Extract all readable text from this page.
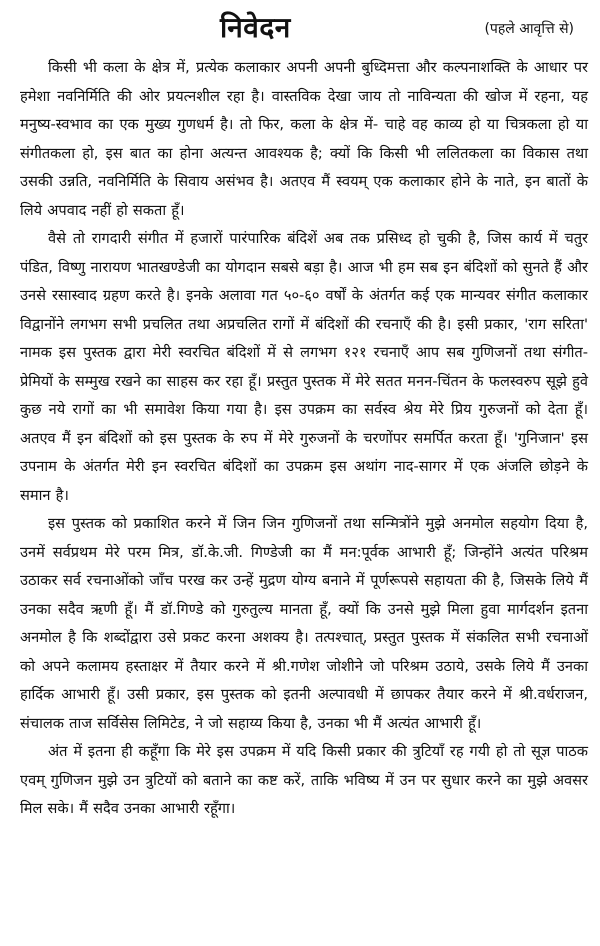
निवेदन	(पहले आवृत्ति से)

किसी भी कला के क्षेत्र में, प्रत्येक कलाकार अपनी अपनी बुध्दिमत्ता और कल्पनाशक्ति के आधार पर हमेशा नवनिर्मिति की ओर प्रयत्नशील रहा है। वास्तविक देखा जाय तो नाविन्यता की खोज में रहना, यह मनुष्य-स्वभाव का एक मुख्य गुणधर्म है। तो फिर, कला के क्षेत्र में- चाहे वह काव्य हो या चित्रकला हो या संगीतकला हो, इस बात का होना अत्यन्त आवश्यक है; क्यों कि किसी भी ललितकला का विकास तथा उसकी उन्नति, नवनिर्मिति के सिवाय असंभव है। अतएव मैं स्वयम् एक कलाकार होने के नाते, इन बातों के लिये अपवाद नहीं हो सकता हूँ।

वैसे तो रागदारी संगीत में हजारों पारंपारिक बंदिशें अब तक प्रसिध्द हो चुकी है, जिस कार्य में चतुर पंडित, विष्णु नारायण भातखण्डेजी का योगदान सबसे बड़ा है। आज भी हम सब इन बंदिशों को सुनते हैं और उनसे रसास्वाद ग्रहण करते है। इनके अलावा गत ५०-६० वर्षों के अंतर्गत कई एक मान्यवर संगीत कलाकार विद्वानोंने लगभग सभी प्रचलित तथा अप्रचलित रागों में बंदिशों की रचनाएँ की है। इसी प्रकार, 'राग सरिता' नामक इस पुस्तक द्वारा मेरी स्वरचित बंदिशों में से लगभग १२१ रचनाएँ आप सब गुणिजनों तथा संगीत-प्रेमियों के सम्मुख रखने का साहस कर रहा हूँ। प्रस्तुत पुस्तक में मेरे सतत मनन-चिंतन के फलस्वरुप सूझे हुवे कुछ नये रागों का भी समावेश किया गया है। इस उपक्रम का सर्वस्व श्रेय मेरे प्रिय गुरुजनों को देता हूँ। अतएव मैं इन बंदिशों को इस पुस्तक के रुप में मेरे गुरुजनों के चरणोंपर समर्पित करता हूँ। 'गुनिजान' इस उपनाम के अंतर्गत मेरी इन स्वरचित बंदिशों का उपक्रम इस अथांग नाद-सागर में एक अंजलि छोड़ने के समान है।

इस पुस्तक को प्रकाशित करने में जिन जिन गुणिजनों तथा सन्मित्रोंने मुझे अनमोल सहयोग दिया है, उनमें सर्वप्रथम मेरे परम मित्र, डॉ.के.जी. गिण्डेजी का मैं मन:पूर्वक आभारी हूँ; जिन्होंने अत्यंत परिश्रम उठाकर सर्व रचनाओंको जाँच परख कर उन्हें मुद्रण योग्य बनाने में पूर्णरूपसे सहायता की है, जिसके लिये मैं उनका सदैव ऋणी हूँ। मैं डॉ.गिण्डे को गुरुतुल्य मानता हूँ, क्यों कि उनसे मुझे मिला हुवा मार्गदर्शन इतना अनमोल है कि शब्दोंद्वारा उसे प्रकट करना अशक्य है। तत्पश्चात्, प्रस्तुत पुस्तक में संकलित सभी रचनाओं को अपने कलामय हस्ताक्षर में तैयार करने में श्री.गणेश जोशीने जो परिश्रम उठाये, उसके लिये मैं उनका हार्दिक आभारी हूँ। उसी प्रकार, इस पुस्तक को इतनी अल्पावधी में छापकर तैयार करने में श्री.वर्धराजन, संचालक ताज सर्विसेस लिमिटेड, ने जो सहाय्य किया है, उनका भी मैं अत्यंत आभारी हूँ।

अंत में इतना ही कहूँगा कि मेरे इस उपक्रम में यदि किसी प्रकार की त्रुटियाँ रह गयी हो तो सूज्ञ पाठक एवम् गुणिजन मुझे उन त्रुटियों को बताने का कष्ट करें, ताकि भविष्य में उन पर सुधार करने का मुझे अवसर मिल सके। मैं सदैव उनका आभारी रहूँगा।
